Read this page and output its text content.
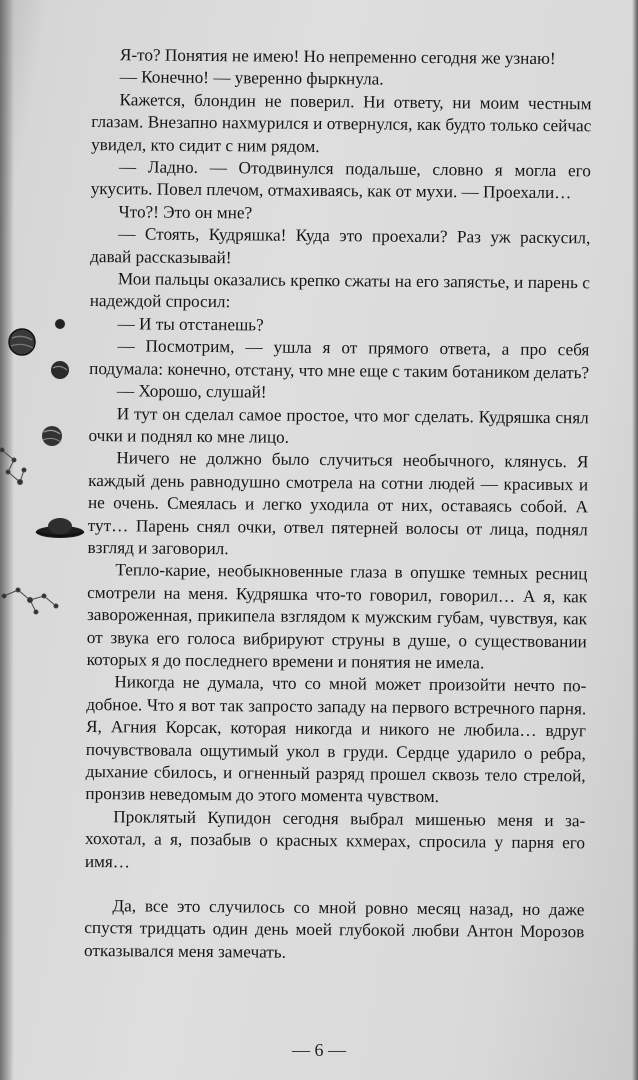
Я-то? Понятия не имею! Но непременно сегодня же узнаю!

— Конечно! — уверенно фыркнула.

Кажется, блондин не поверил. Ни ответу, ни моим честным глазам. Внезапно нахмурился и отвернулся, как будто только сейчас увидел, кто сидит с ним рядом.

— Ладно. — Отодвинулся подальше, словно я могла его укусить. Повел плечом, отмахиваясь, как от мухи. — Проехали…

Что?! Это он мне?

— Стоять, Кудряшка! Куда это проехали? Раз уж раскусил, давай рассказывай!

Мои пальцы оказались крепко сжаты на его запястье, и парень с надеждой спросил:

— И ты отстанешь?

— Посмотрим, — ушла я от прямого ответа, а про себя подумала: конечно, отстану, что мне еще с таким ботаником делать?

— Хорошо, слушай!

И тут он сделал самое простое, что мог сделать. Кудряшка снял очки и поднял ко мне лицо.

Ничего не должно было случиться необычного, клянусь. Я каждый день равнодушно смотрела на сотни людей — красивых и не очень. Смеялась и легко уходила от них, оставаясь собой. А тут… Парень снял очки, отвел пятерней волосы от лица, поднял взгляд и заговорил.

Тепло-карие, необыкновенные глаза в опушке темных ресниц смотрели на меня. Кудряшка что-то говорил, говорил… А я, как завороженная, прикипела взглядом к мужским губам, чувствуя, как от звука его голоса вибрируют струны в душе, о существовании которых я до последнего времени и понятия не имела.

Никогда не думала, что со мной может произойти нечто подобное. Что я вот так запросто западу на первого встречного парня. Я, Агния Корсак, которая никогда и никого не любила… вдруг почувствовала ощутимый укол в груди. Сердце ударило о ребра, дыхание сбилось, и огненный разряд прошел сквозь тело стрелой, пронзив неведомым до этого момента чувством.

Проклятый Купидон сегодня выбрал мишенью меня и захохотал, а я, позабыв о красных кхмерах, спросила у парня его имя…

Да, все это случилось со мной ровно месяц назад, но даже спустя тридцать один день моей глубокой любви Антон Морозов отказывался меня замечать.

— 6 —
